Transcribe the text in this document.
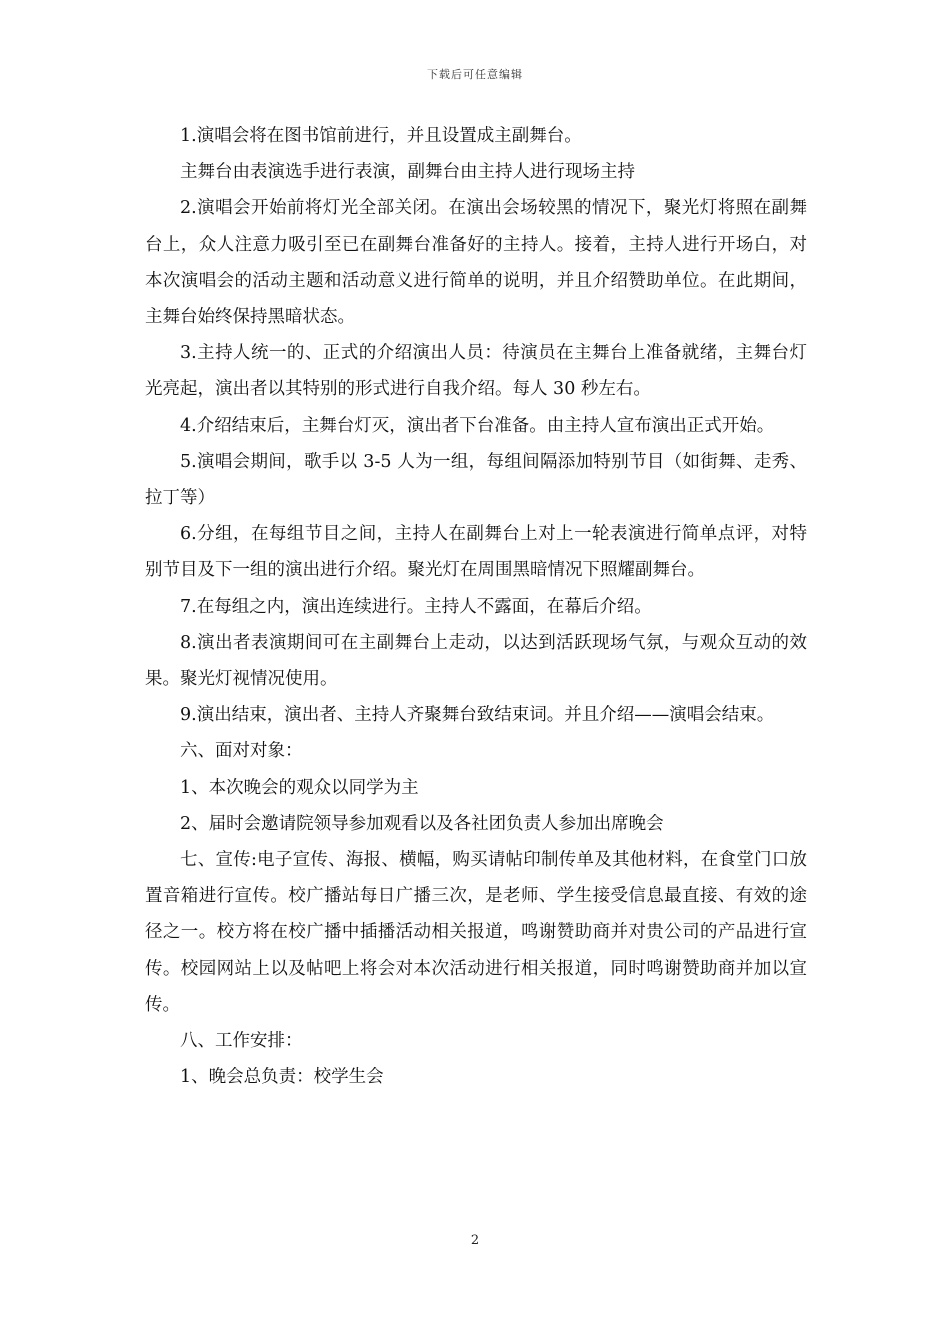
下载后可任意编辑

1.演唱会将在图书馆前进行，并且设置成主副舞台。

主舞台由表演选手进行表演，副舞台由主持人进行现场主持

2.演唱会开始前将灯光全部关闭。在演出会场较黑的情况下，聚光灯将照在副舞台上，众人注意力吸引至已在副舞台准备好的主持人。接着，主持人进行开场白，对本次演唱会的活动主题和活动意义进行简单的说明，并且介绍赞助单位。在此期间，主舞台始终保持黑暗状态。

3.主持人统一的、正式的介绍演出人员：待演员在主舞台上准备就绪，主舞台灯光亮起，演出者以其特别的形式进行自我介绍。每人 30 秒左右。

4.介绍结束后，主舞台灯灭，演出者下台准备。由主持人宣布演出正式开始。

5.演唱会期间，歌手以 3-5 人为一组，每组间隔添加特别节目（如街舞、走秀、拉丁等）

6.分组，在每组节目之间，主持人在副舞台上对上一轮表演进行简单点评，对特别节目及下一组的演出进行介绍。聚光灯在周围黑暗情况下照耀副舞台。

7.在每组之内，演出连续进行。主持人不露面，在幕后介绍。

8.演出者表演期间可在主副舞台上走动，以达到活跃现场气氛，与观众互动的效果。聚光灯视情况使用。

9.演出结束，演出者、主持人齐聚舞台致结束词。并且介绍——演唱会结束。

六、面对对象：

1、本次晚会的观众以同学为主

2、届时会邀请院领导参加观看以及各社团负责人参加出席晚会

七、宣传:电子宣传、海报、横幅，购买请帖印制传单及其他材料，在食堂门口放置音箱进行宣传。校广播站每日广播三次，是老师、学生接受信息最直接、有效的途径之一。校方将在校广播中插播活动相关报道，鸣谢赞助商并对贵公司的产品进行宣传。校园网站上以及帖吧上将会对本次活动进行相关报道，同时鸣谢赞助商并加以宣传。

八、工作安排：

1、晚会总负责：校学生会

2
